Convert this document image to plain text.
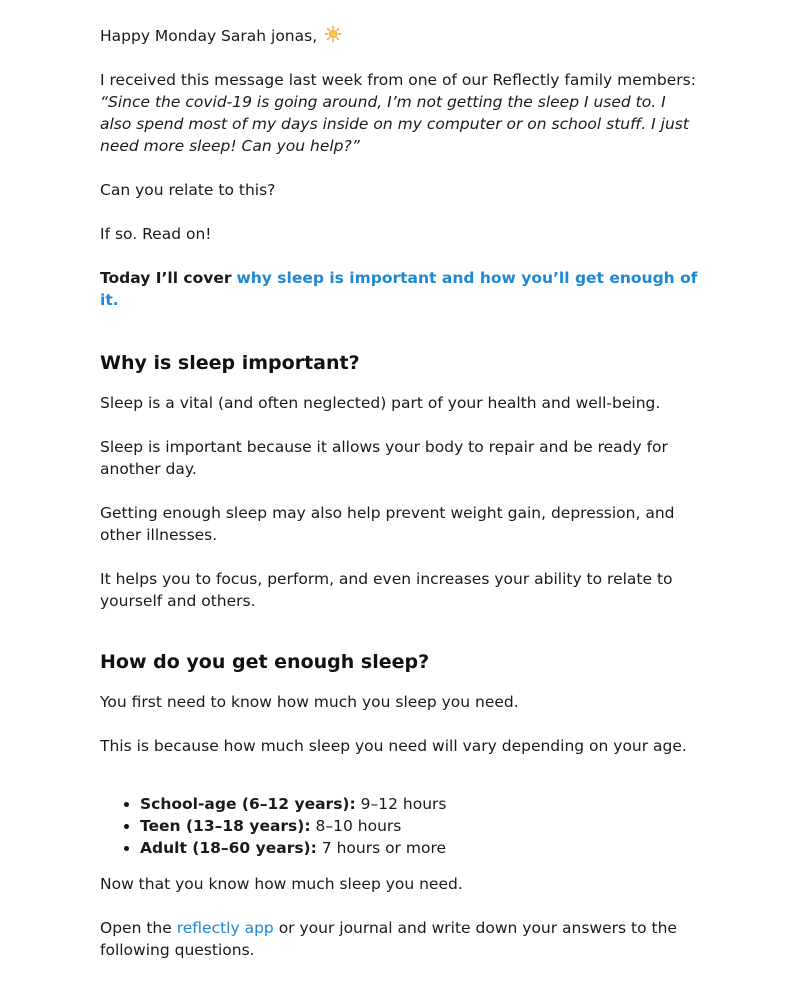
Happy Monday Sarah jonas,

I received this message last week from one of our Reflectly family members:
“Since the covid-19 is going around, I’m not getting the sleep I used to. I also spend most of my days inside on my computer or on school stuff. I just need more sleep! Can you help?”

Can you relate to this?

If so. Read on!

Today I’ll cover why sleep is important and how you’ll get enough of it.

Why is sleep important?

Sleep is a vital (and often neglected) part of your health and well-being.

Sleep is important because it allows your body to repair and be ready for another day.

Getting enough sleep may also help prevent weight gain, depression, and other illnesses.

It helps you to focus, perform, and even increases your ability to relate to yourself and others.

How do you get enough sleep?

You first need to know how much you sleep you need.

This is because how much sleep you need will vary depending on your age.

School-age (6–12 years): 9–12 hours
Teen (13–18 years): 8–10 hours
Adult (18–60 years): 7 hours or more

Now that you know how much sleep you need.

Open the reflectly app or your journal and write down your answers to the following questions.
